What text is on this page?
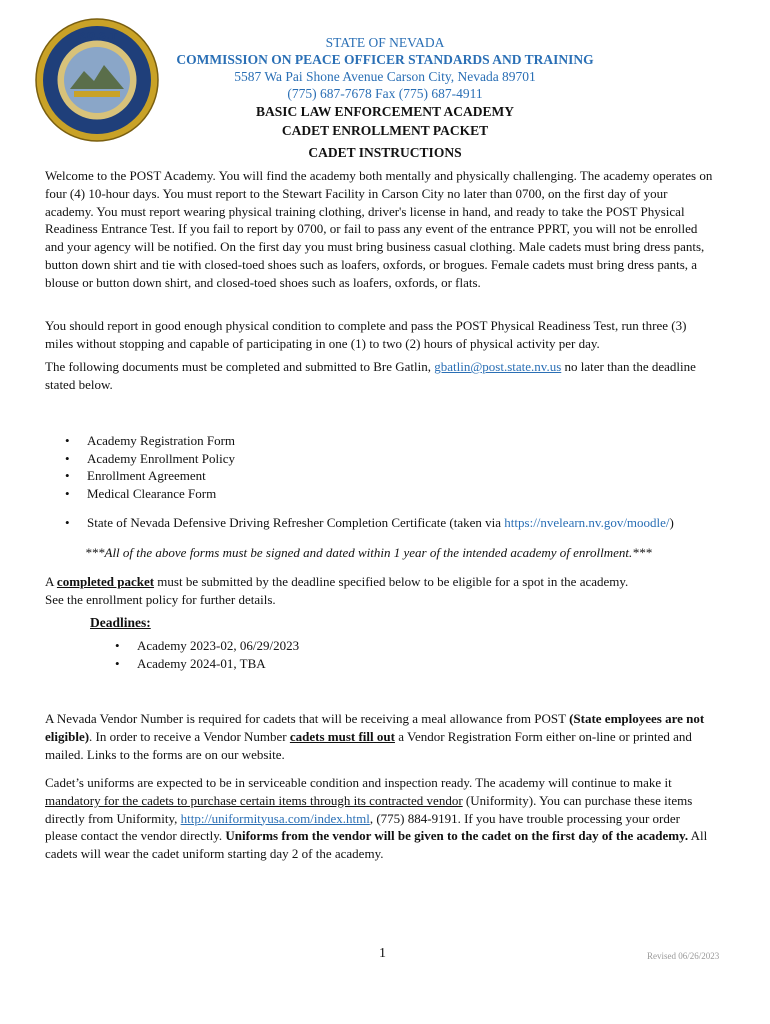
P.O.S.T	STATE OF NEVADA
COMMISSION ON PEACE OFFICER STANDARDS AND TRAINING
5587 Wa Pai Shone Avenue Carson City, Nevada 89701
(775) 687-7678 Fax (775) 687-4911
BASIC LAW ENFORCEMENT ACADEMY
CADET ENROLLMENT PACKET
CADET INSTRUCTIONS

Welcome to the POST Academy. You will find the academy both mentally and physically challenging. The academy operates on four (4) 10-hour days. You must report to the Stewart Facility in Carson City no later than 0700, on the first day of your academy. You must report wearing physical training clothing, driver's license in hand, and ready to take the POST Physical Readiness Entrance Test. If you fail to report by 0700, or fail to pass any event of the entrance PPRT, you will not be enrolled and your agency will be notified. On the first day you must bring business casual clothing. Male cadets must bring dress pants, button down shirt and tie with closed-toed shoes such as loafers, oxfords, or brogues. Female cadets must bring dress pants, a blouse or button down shirt, and closed-toed shoes such as loafers, oxfords, or flats.

You should report in good enough physical condition to complete and pass the POST Physical Readiness Test, run three (3) miles without stopping and capable of participating in one (1) to two (2) hours of physical activity per day.

The following documents must be completed and submitted to Bre Gatlin, gbatlin@post.state.nv.us no later than the deadline stated below.

• Academy Registration Form
• Academy Enrollment Policy
• Enrollment Agreement
• Medical Clearance Form
• State of Nevada Defensive Driving Refresher Completion Certificate (taken via https://nvelearn.nv.gov/moodle/)
***All of the above forms must be signed and dated within 1 year of the intended academy of enrollment.***

A completed packet must be submitted by the deadline specified below to be eligible for a spot in the academy.
See the enrollment policy for further details.

Deadlines:
• Academy 2023-02, 06/29/2023
• Academy 2024-01, TBA

A Nevada Vendor Number is required for cadets that will be receiving a meal allowance from POST (State employees are not eligible). In order to receive a Vendor Number cadets must fill out a Vendor Registration Form either on-line or printed and mailed. Links to the forms are on our website.

Cadet’s uniforms are expected to be in serviceable condition and inspection ready. The academy will continue to make it mandatory for the cadets to purchase certain items through its contracted vendor (Uniformity). You can purchase these items directly from Uniformity, http://uniformityusa.com/index.html, (775) 884-9191. If you have trouble processing your order please contact the vendor directly. Uniforms from the vendor will be given to the cadet on the first day of the academy. All cadets will wear the cadet uniform starting day 2 of the academy.

1	Revised 06/26/2023
